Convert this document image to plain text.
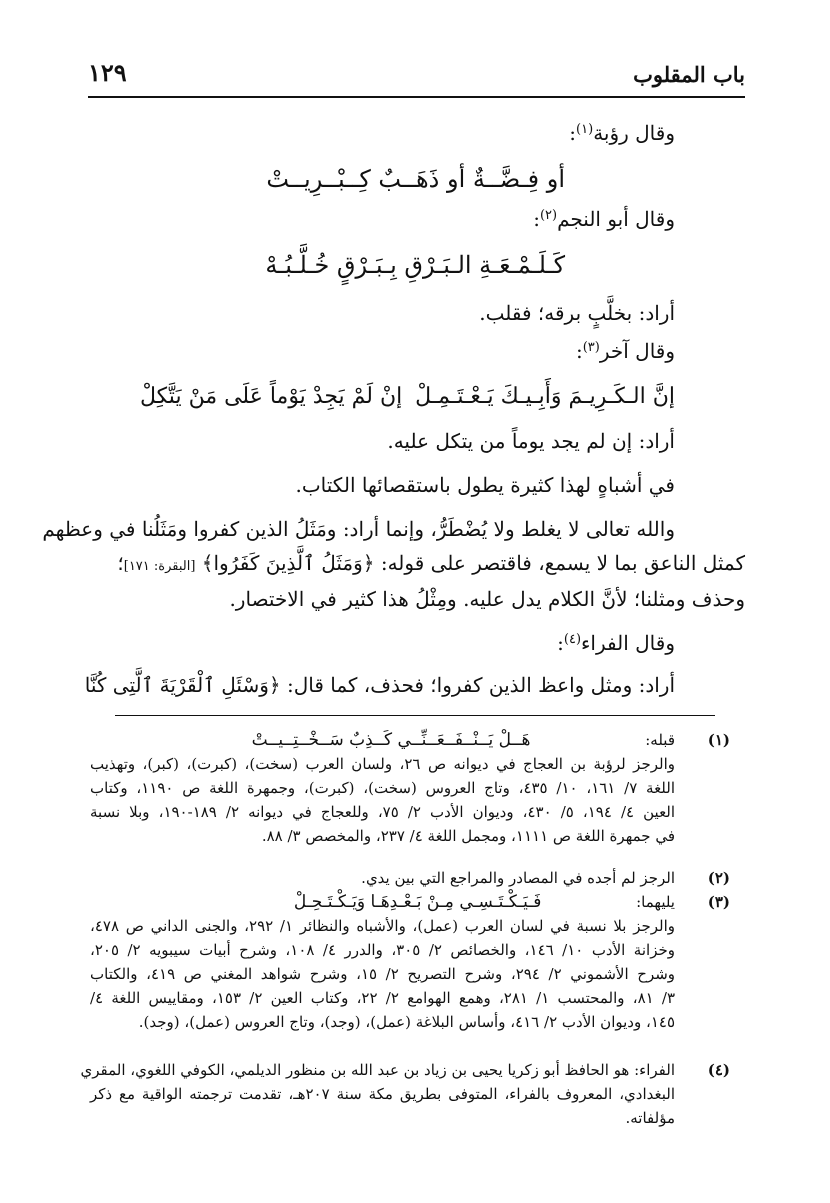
باب المقلوب
١٢٩
وقال رؤبة$^{(١)}$:
أو فِـضَّــةٌ أو ذَهَــبٌ كِــبْــرِيــتْ
وقال أبو النجم$^{(٢)}$:
كَـلَـمْـعَـةِ الـبَـرْقِ بِـبَـرْقٍ خُـلَّـبُـهْ
أراد: بخلَّبٍ برقه؛ فقلب.
وقال آخر$^{(٣)}$:
إنَّ الـكَـرِيـمَ وَأَبِـيـكَ يَـعْـتَـمِـلْ
إنْ لَمْ يَجِدْ يَوْماً عَلَى مَنْ يَتَّكِلْ
أراد: إن لم يجد يوماً من يتكل عليه.
في أشباهٍ لهذا كثيرة يطول باستقصائها الكتاب.
والله تعالى لا يغلط ولا يُضْطَرُّ، وإنما أراد: ومَثَلُ الذين كفروا ومَثَلُنا في وعظهم
كمثل الناعق بما لا يسمع، فاقتصر على قوله: ﴿وَمَثَلُ ٱلَّذِينَ كَفَرُوا﴾ [البقرة: ١٧١]؛
وحذف ومثلنا؛ لأنَّ الكلام يدل عليه. ومِثْلُ هذا كثير في الاختصار.
وقال الفراء$^{(٤)}$:
أراد: ومثل واعظ الذين كفروا؛ فحذف، كما قال: ﴿وَسْئَلِ ٱلْقَرْيَةَ ٱلَّتِى كُنَّا
(١)
قبله: هَــلْ يَــنْــفَــعَــنِّــي كَــذِبٌ سَــخْــتِــيــتْ
والرجز لرؤبة بن العجاج في ديوانه ص ٢٦، ولسان العرب (سخت)، (كبرت)، (كبر)، وتهذيب
اللغة ٧/ ١٦١، ١٠/ ٤٣٥، وتاج العروس (سخت)، (كبرت)، وجمهرة اللغة ص ١١٩٠، وكتاب
العين ٤/ ١٩٤، ٥/ ٤٣٠، وديوان الأدب ٢/ ٧٥، وللعجاج في ديوانه ٢/ ١٨٩-١٩٠، وبلا نسبة
في جمهرة اللغة ص ١١١١، ومجمل اللغة ٤/ ٢٣٧، والمخصص ٣/ ٨٨.
(٢)
الرجز لم أجده في المصادر والمراجع التي بين يدي.
(٣)
يليهما: فَـيَـكْـتَـسِـي مِـنْ بَـعْـدِهَـا وَيَـكْـتَـحِـلْ
والرجز بلا نسبة في لسان العرب (عمل)، والأشباه والنظائر ١/ ٢٩٢، والجنى الداني ص ٤٧٨،
وخزانة الأدب ١٠/ ١٤٦، والخصائص ٢/ ٣٠٥، والدرر ٤/ ١٠٨، وشرح أبيات سيبويه ٢/ ٢٠٥،
وشرح الأشموني ٢/ ٢٩٤، وشرح التصريح ٢/ ١٥، وشرح شواهد المغني ص ٤١٩، والكتاب
٣/ ٨١، والمحتسب ١/ ٢٨١، وهمع الهوامع ٢/ ٢٢، وكتاب العين ٢/ ١٥٣، ومقاييس اللغة ٤/
١٤٥، وديوان الأدب ٢/ ٤١٦، وأساس البلاغة (عمل)، (وجد)، وتاج العروس (عمل)، (وجد).
(٤)
الفراء: هو الحافظ أبو زكريا يحيى بن زياد بن عبد الله بن منظور الديلمي، الكوفي اللغوي، المقري
البغدادي، المعروف بالفراء، المتوفى بطريق مكة سنة ٢٠٧هـ، تقدمت ترجمته الواقية مع ذكر
مؤلفاته.
